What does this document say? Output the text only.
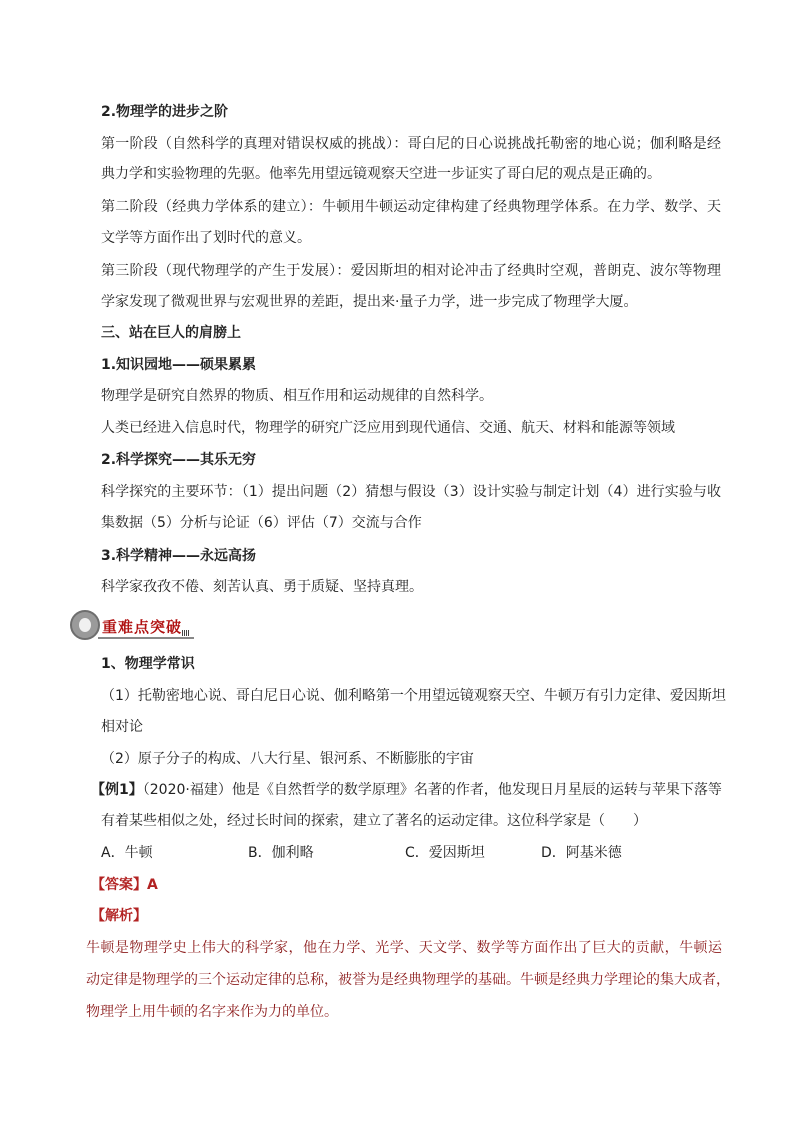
2.物理学的进步之阶
第一阶段（自然科学的真理对错误权威的挑战）：哥白尼的日心说挑战托勒密的地心说；伽利略是经
典力学和实验物理的先驱。他率先用望远镜观察天空进一步证实了哥白尼的观点是正确的。
第二阶段（经典力学体系的建立）：牛顿用牛顿运动定律构建了经典物理学体系。在力学、数学、天
文学等方面作出了划时代的意义。
第三阶段（现代物理学的产生于发展）：爱因斯坦的相对论冲击了经典时空观，普朗克、波尔等物理
学家发现了微观世界与宏观世界的差距，提出来·量子力学，进一步完成了物理学大厦。
三、站在巨人的肩膀上
1.知识园地——硕果累累
物理学是研究自然界的物质、相互作用和运动规律的自然科学。
人类已经进入信息时代，物理学的研究广泛应用到现代通信、交通、航天、材料和能源等领域
2.科学探究——其乐无穷
科学探究的主要环节：（1）提出问题（2）猜想与假设（3）设计实验与制定计划（4）进行实验与收
集数据（5）分析与论证（6）评估（7）交流与合作
3.科学精神——永远高扬
科学家孜孜不倦、刻苦认真、勇于质疑、坚持真理。
重难点突破
1、物理学常识
（1）托勒密地心说、哥白尼日心说、伽利略第一个用望远镜观察天空、牛顿万有引力定律、爱因斯坦
相对论
（2）原子分子的构成、八大行星、银河系、不断膨胀的宇宙
【例1】（2020·福建）他是《自然哲学的数学原理》名著的作者，他发现日月星辰的运转与苹果下落等
有着某些相似之处，经过长时间的探索，建立了著名的运动定律。这位科学家是（　　）
A．牛顿	B．伽利略	C．爱因斯坦	D．阿基米德
【答案】A
【解析】
牛顿是物理学史上伟大的科学家，他在力学、光学、天文学、数学等方面作出了巨大的贡献，牛顿运
动定律是物理学的三个运动定律的总称，被誉为是经典物理学的基础。牛顿是经典力学理论的集大成者，
物理学上用牛顿的名字来作为力的单位。
